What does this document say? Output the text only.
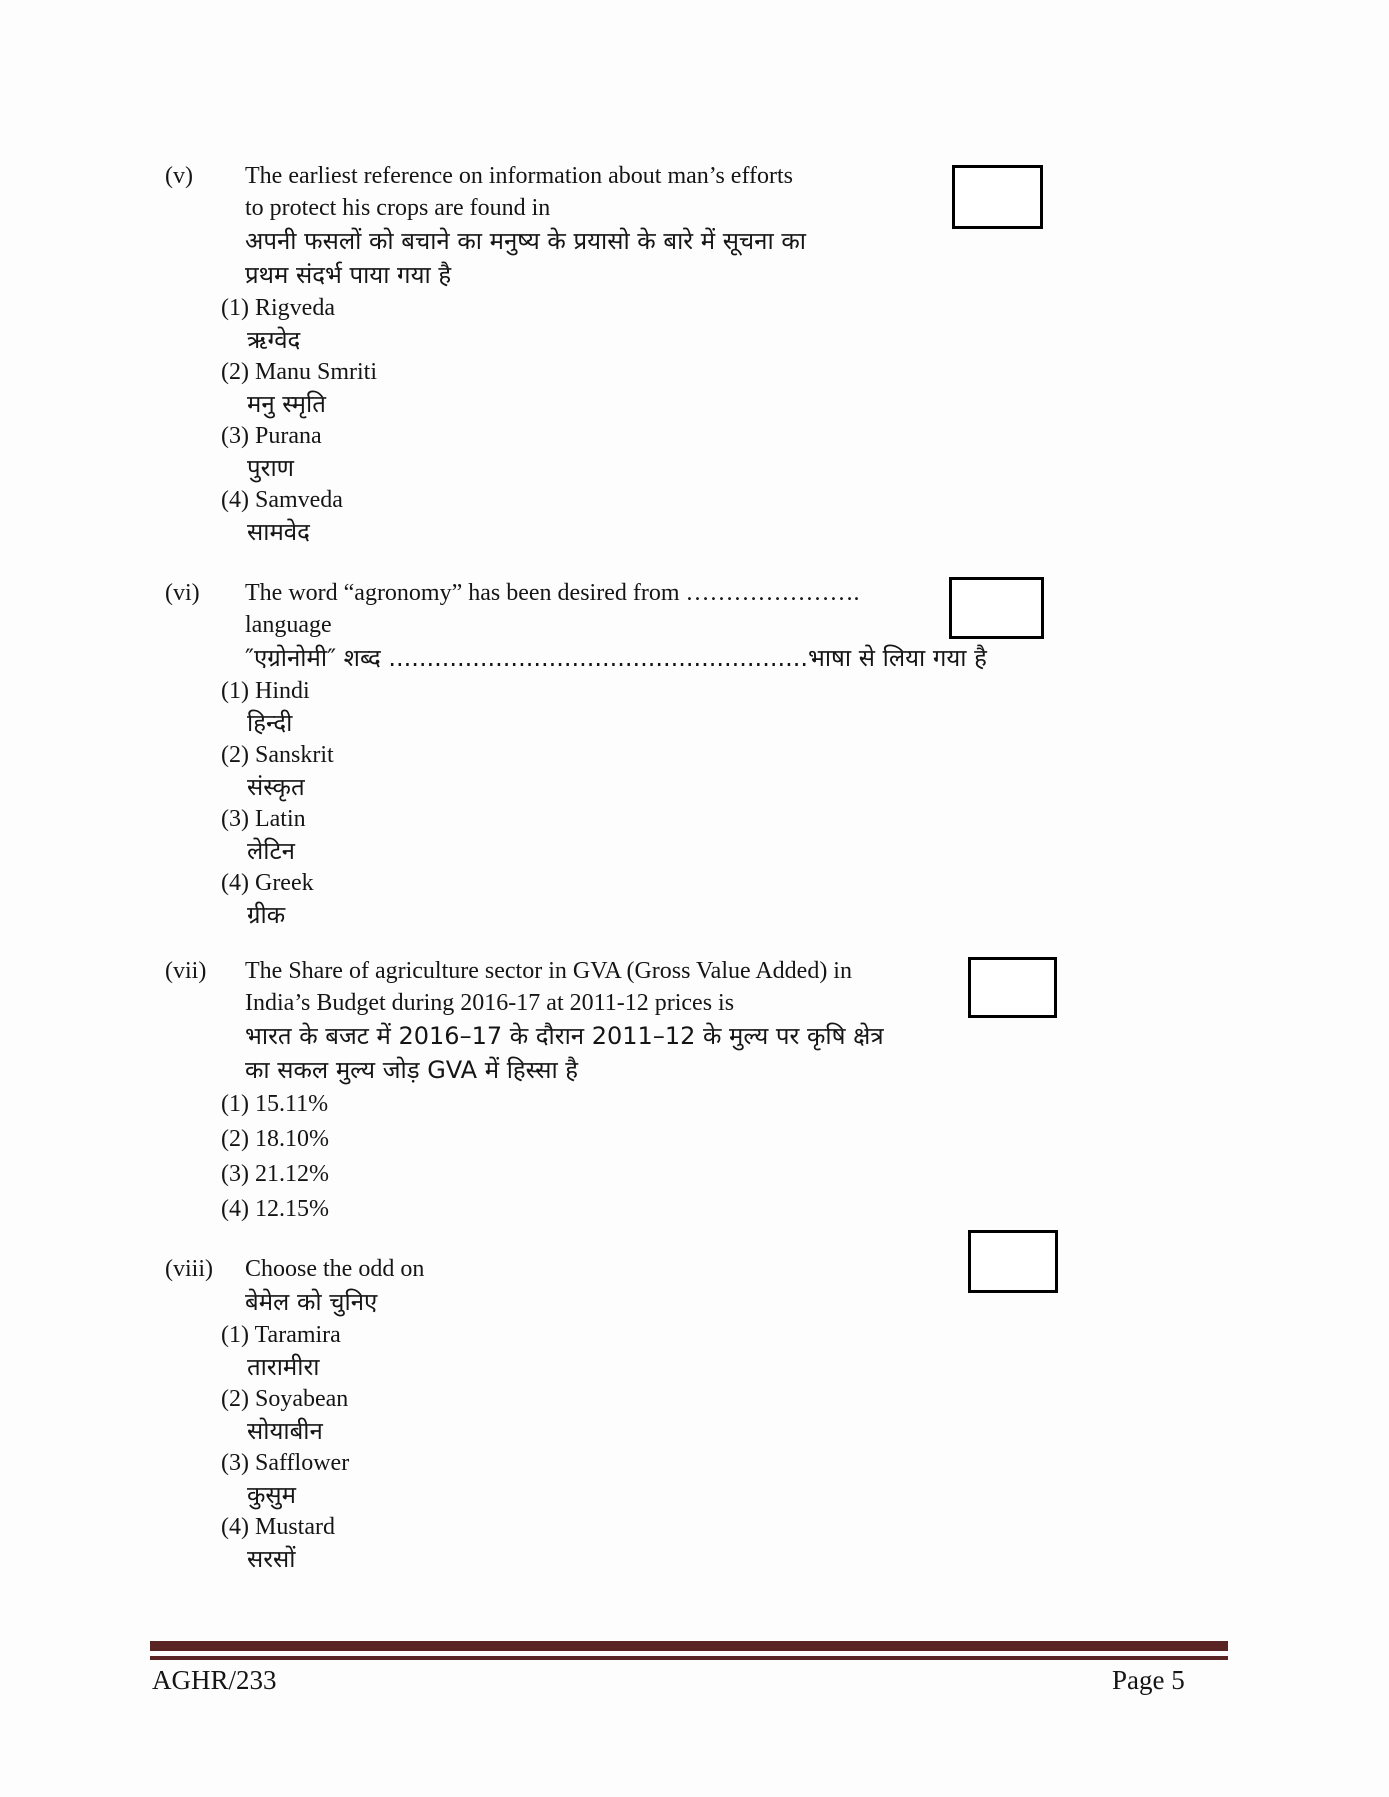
(v) The earliest reference on information about man’s efforts
to protect his crops are found in
अपनी फसलों को बचाने का मनुष्य के प्रयासो के बारे में सूचना का
प्रथम संदर्भ पाया गया है
(1) Rigveda
ऋग्वेद
(2) Manu Smriti
मनु स्मृति
(3) Purana
पुराण
(4) Samveda
सामवेद
(vi) The word “agronomy” has been desired from ………………….
language
″एग्रोनोमी″ शब्द .......................................................भाषा से लिया गया है
(1) Hindi
हिन्दी
(2) Sanskrit
संस्कृत
(3) Latin
लेटिन
(4) Greek
ग्रीक
(vii) The Share of agriculture sector in GVA (Gross Value Added) in
India’s Budget during 2016-17 at 2011-12 prices is
भारत के बजट में 2016–17 के दौरान 2011–12 के मुल्य पर कृषि क्षेत्र
का सकल मुल्य जोड़ GVA में हिस्सा है
(1) 15.11%
(2) 18.10%
(3) 21.12%
(4) 12.15%
(viii) Choose the odd on
बेमेल को चुनिए
(1) Taramira
तारामीरा
(2) Soyabean
सोयाबीन
(3) Safflower
कुसुम
(4) Mustard
सरसों
AGHR/233	Page 5
